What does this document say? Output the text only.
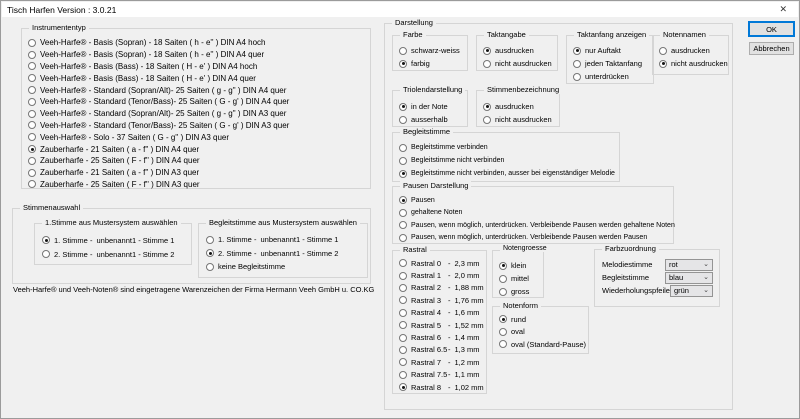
Tisch Harfen Version : 3.0.21	✕
Instrumententyp
Veeh-Harfe® - Basis (Sopran) - 18 Saiten ( h - e'' ) DIN A4 hoch
Veeh-Harfe® - Basis (Sopran) - 18 Saiten ( h - e'' ) DIN A4 quer
Veeh-Harfe® - Basis (Bass) - 18 Saiten ( H - e' ) DIN A4 hoch
Veeh-Harfe® - Basis (Bass) - 18 Saiten ( H - e' ) DIN A4 quer
Veeh-Harfe® - Standard (Sopran/Alt)- 25 Saiten ( g - g'' ) DIN A4 quer
Veeh-Harfe® - Standard (Tenor/Bass)- 25 Saiten ( G - g' ) DIN A4 quer
Veeh-Harfe® - Standard (Sopran/Alt)- 25 Saiten ( g - g'' ) DIN A3 quer
Veeh-Harfe® - Standard (Tenor/Bass)- 25 Saiten ( G - g' ) DIN A3 quer
Veeh-Harfe® - Solo - 37 Saiten ( G - g'' ) DIN A3 quer
Zauberharfe - 21 Saiten ( a - f'' ) DIN A4 quer
Zauberharfe - 25 Saiten ( F - f'' ) DIN A4 quer
Zauberharfe - 21 Saiten ( a - f'' ) DIN A3 quer
Zauberharfe - 25 Saiten ( F - f'' ) DIN A3 quer
Stimmenauswahl
1.Stimme aus Mustersystem auswählen
1. Stimme - unbenannt1 - Stimme 1
2. Stimme - unbenannt1 - Stimme 2
Begleitstimme aus Mustersystem auswählen
1. Stimme - unbenannt1 - Stimme 1
2. Stimme - unbenannt1 - Stimme 2
keine Begleitstimme
Veeh-Harfe® und Veeh-Noten® sind eingetragene Warenzeichen der Firma Hermann Veeh GmbH u. CO.KG
Darstellung
Farbe
schwarz-weiss
farbig
Taktangabe
ausdrucken
nicht ausdrucken
Taktanfang anzeigen
nur Auftakt
jeden Taktanfang
unterdrücken
Notennamen
ausdrucken
nicht ausdrucken
Triolendarstellung
in der Note
ausserhalb
Stimmenbezeichnung
ausdrucken
nicht ausdrucken
Begleitstimme
Begleitstimme verbinden
Begleitstimme nicht verbinden
Begleitstimme nicht verbinden, ausser bei eigenständiger Melodie
Pausen Darstellung
Pausen
gehaltene Noten
Pausen, wenn möglich, unterdrücken. Verbleibende Pausen werden gehaltene Noten
Pausen, wenn möglich, unterdrücken. Verbleibende Pausen werden Pausen
Rastral
Rastral 0 - 2,3 mm
Rastral 1 - 2,0 mm
Rastral 2 - 1,88 mm
Rastral 3 - 1,76 mm
Rastral 4 - 1,6 mm
Rastral 5 - 1,52 mm
Rastral 6 - 1,4 mm
Rastral 6.5 - 1,3 mm
Rastral 7 - 1,2 mm
Rastral 7.5 - 1,1 mm
Rastral 8 - 1,02 mm
Notengroesse
klein
mittel
gross
Notenform
rund
oval
oval (Standard-Pause)
Farbzuordnung
Melodiestimme	rot	⌄
Begleitstimme	blau	⌄
Wiederholungspfeile grün ⌄
OK
Abbrechen
